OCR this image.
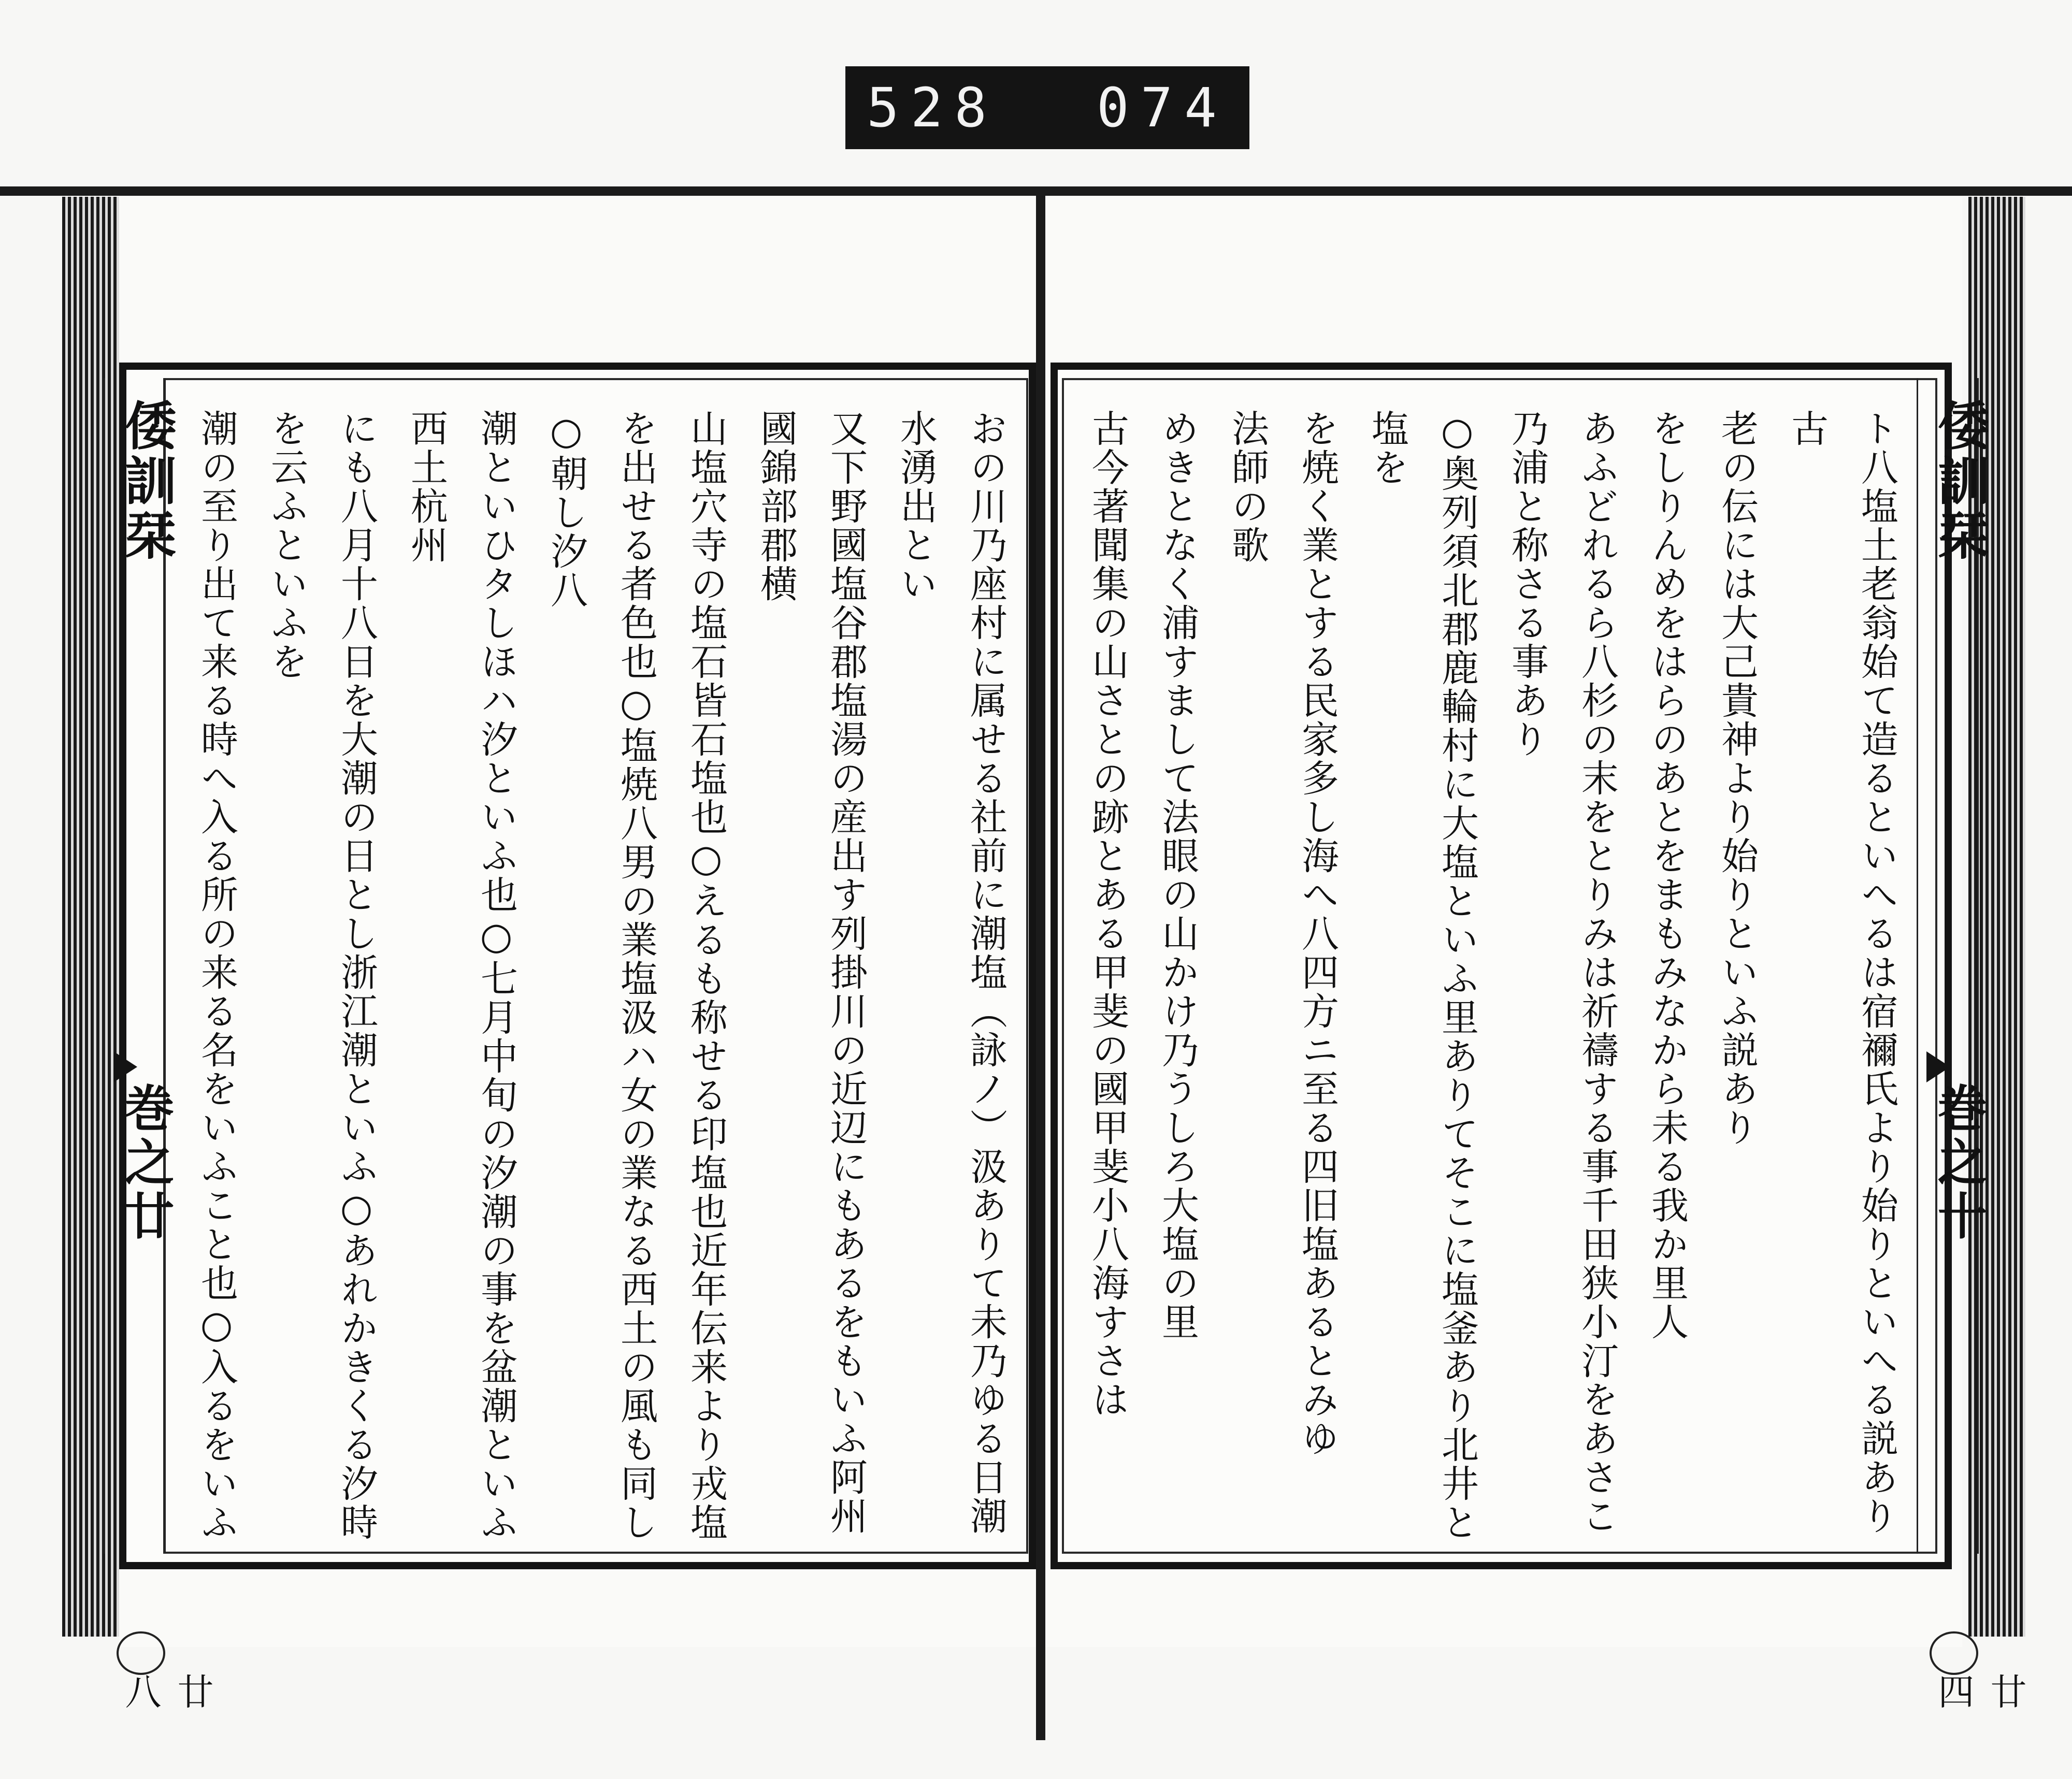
528 074
倭訓栞
巻之廿
廿八
倭訓栞
巻之十
廿四

ト八塩土老翁始て造るといへるは宿禰氏より始りといへる説あり古

老の伝には大己貴神より始りといふ説あり

をしりんめをはらのあとをまもみなから未る我か里人

あふどれるら八杉の末をとりみは祈禱する事千田狭小汀をあさこ乃浦と称さる事あり

○奥列須北郡鹿輪村に大塩といふ里ありてそこに塩釜あり北井と塩を

を焼く業とする民家多し海へ八四方ニ至る四旧塩あるとみゆ

法師の歌

めきとなく浦すまして法眼の山かけ乃うしろ大塩の里

古今著聞集の山さとの跡とある甲斐の國甲斐小八海すさは

おの川乃座村に属せる社前に潮塩（詠ノ）汲ありて未乃ゆる日潮水湧出とい

又下野國塩谷郡塩湯の産出す列掛川の近辺にもあるをもいふ阿州國錦部郡横

山塩穴寺の塩石皆石塩也○えるも称せる印塩也近年伝来より戎塩

を出せる者色也○塩焼八男の業塩汲ハ女の業なる西土の風も同し○朝し汐八

潮といひタしほハ汐といふ也○七月中旬の汐潮の事を盆潮といふ西土杭州

にも八月十八日を大潮の日とし浙江潮といふ○あれかきくる汐時を云ふといふを

潮の至り出て来る時へ入る所の来る名をいふこと也○入るをいふ
